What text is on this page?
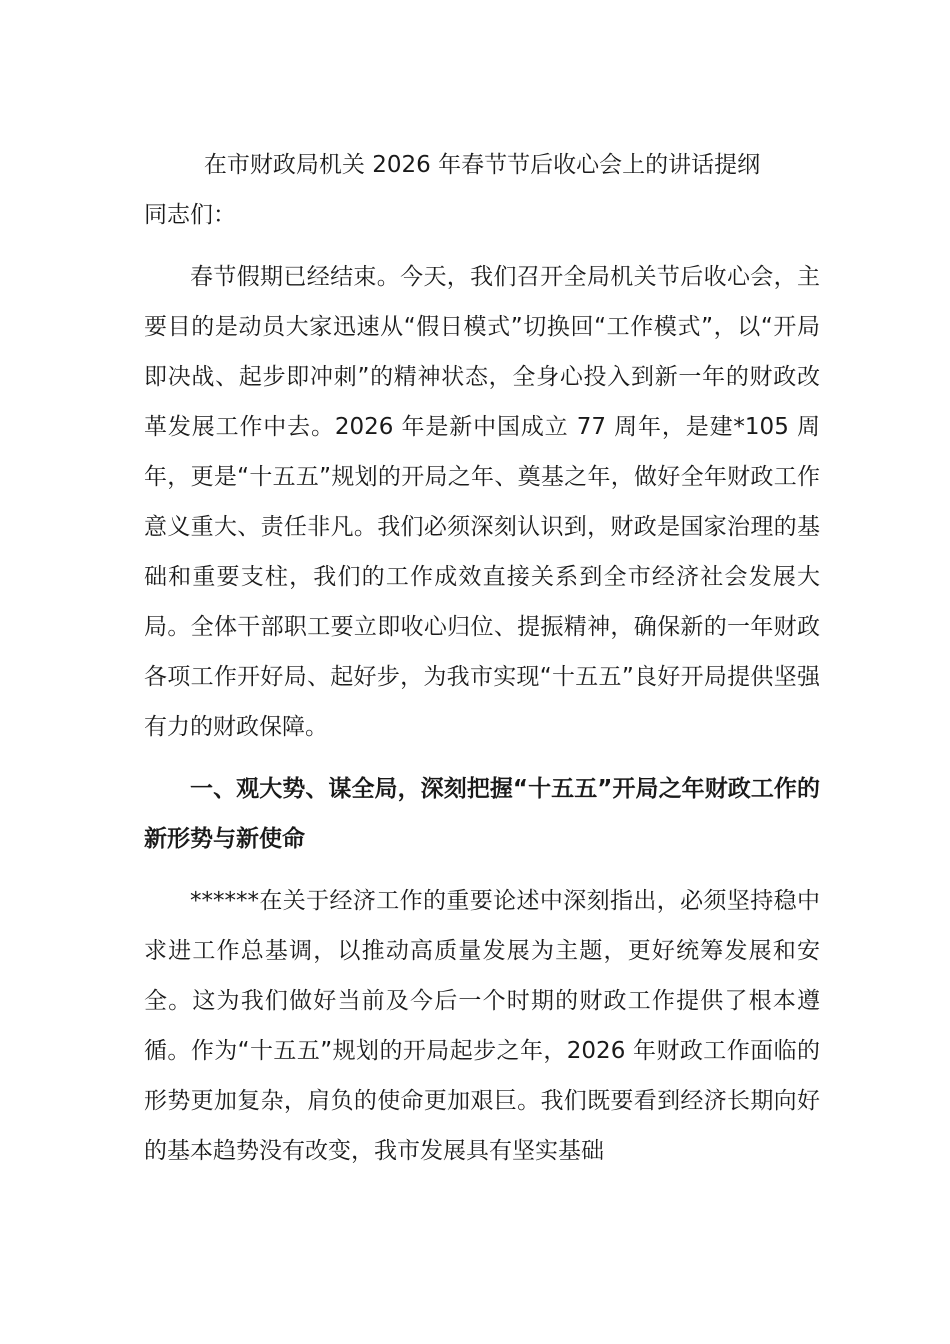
在市财政局机关 2026 年春节节后收心会上的讲话提纲

同志们：

春节假期已经结束。今天，我们召开全局机关节后收心会，主要目的是动员大家迅速从“假日模式”切换回“工作模式”，以“开局即决战、起步即冲刺”的精神状态，全身心投入到新一年的财政改革发展工作中去。2026 年是新中国成立 77 周年，是建*105 周年，更是“十五五”规划的开局之年、奠基之年，做好全年财政工作意义重大、责任非凡。我们必须深刻认识到，财政是国家治理的基础和重要支柱，我们的工作成效直接关系到全市经济社会发展大局。全体干部职工要立即收心归位、提振精神，确保新的一年财政各项工作开好局、起好步，为我市实现“十五五”良好开局提供坚强有力的财政保障。

一、观大势、谋全局，深刻把握“十五五”开局之年财政工作的新形势与新使命

******在关于经济工作的重要论述中深刻指出，必须坚持稳中求进工作总基调，以推动高质量发展为主题，更好统筹发展和安全。这为我们做好当前及今后一个时期的财政工作提供了根本遵循。作为“十五五”规划的开局起步之年，2026 年财政工作面临的形势更加复杂，肩负的使命更加艰巨。我们既要看到经济长期向好的基本趋势没有改变，我市发展具有坚实基础
